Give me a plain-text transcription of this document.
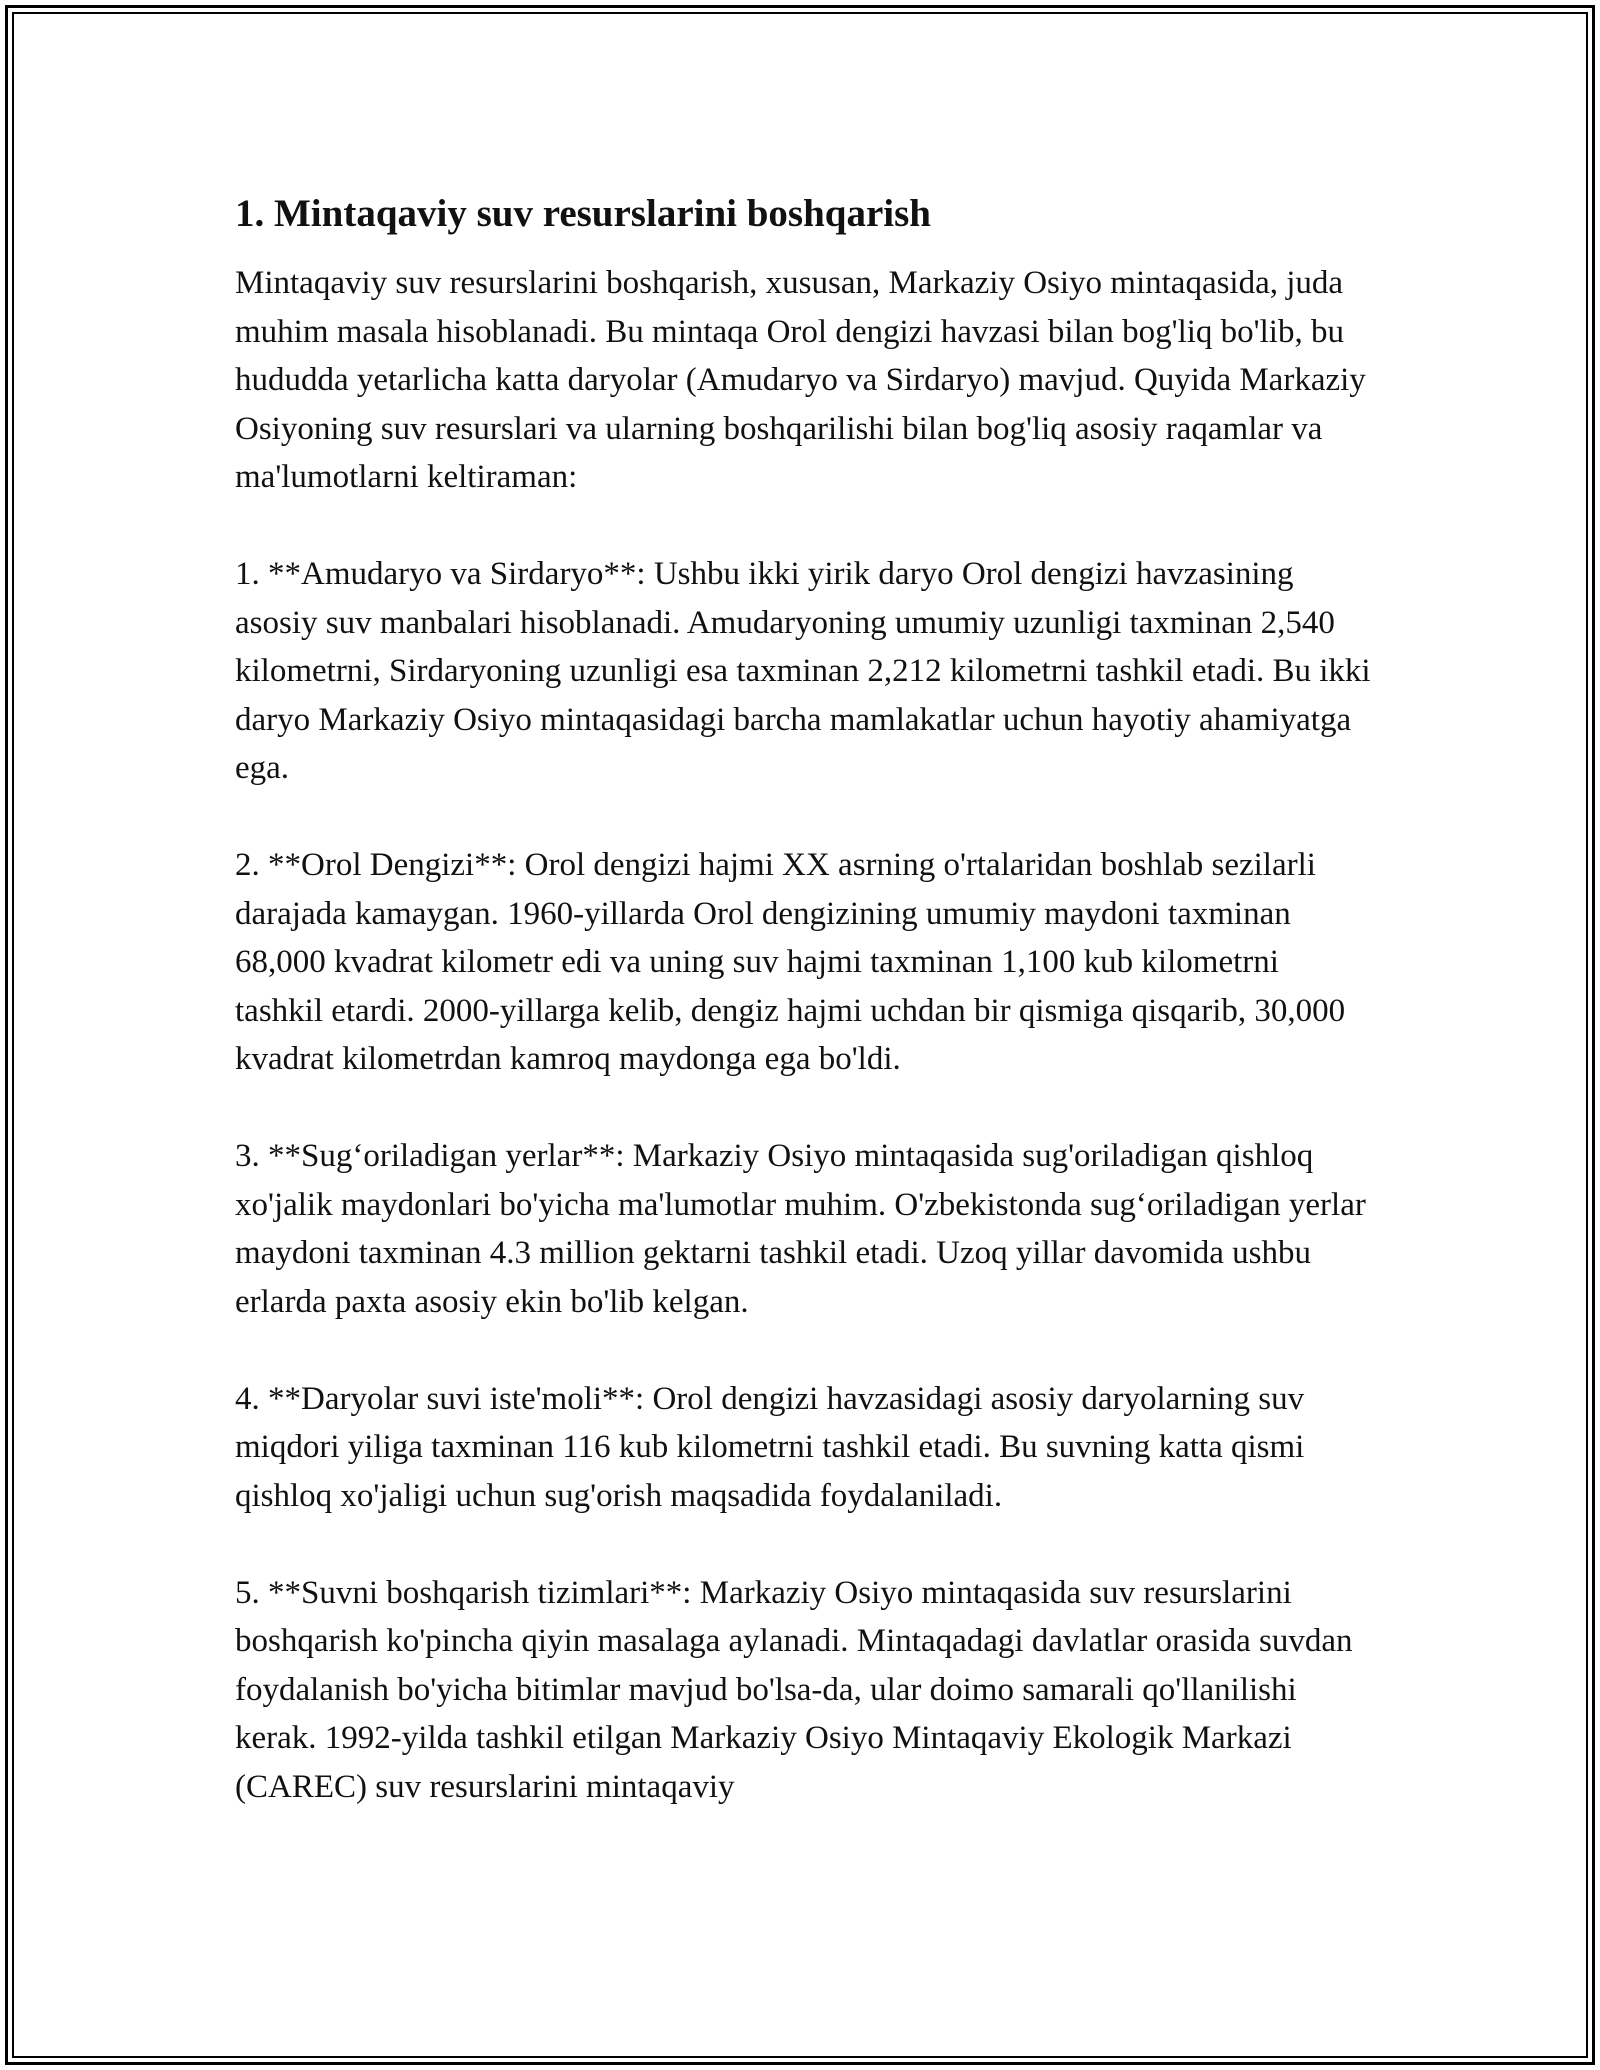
1. Mintaqaviy suv resurslarini boshqarish

Mintaqaviy suv resurslarini boshqarish, xususan, Markaziy Osiyo mintaqasida, juda muhim masala hisoblanadi. Bu mintaqa Orol dengizi havzasi bilan bog'liq bo'lib, bu hududda yetarlicha katta daryolar (Amudaryo va Sirdaryo) mavjud. Quyida Markaziy Osiyoning suv resurslari va ularning boshqarilishi bilan bog'liq asosiy raqamlar va ma'lumotlarni keltiraman:

1. **Amudaryo va Sirdaryo**: Ushbu ikki yirik daryo Orol dengizi havzasining asosiy suv manbalari hisoblanadi. Amudaryoning umumiy uzunligi taxminan 2,540 kilometrni, Sirdaryoning uzunligi esa taxminan 2,212 kilometrni tashkil etadi. Bu ikki daryo Markaziy Osiyo mintaqasidagi barcha mamlakatlar uchun hayotiy ahamiyatga ega.

2. **Orol Dengizi**: Orol dengizi hajmi XX asrning o'rtalaridan boshlab sezilarli darajada kamaygan. 1960-yillarda Orol dengizining umumiy maydoni taxminan 68,000 kvadrat kilometr edi va uning suv hajmi taxminan 1,100 kub kilometrni tashkil etardi. 2000-yillarga kelib, dengiz hajmi uchdan bir qismiga qisqarib, 30,000 kvadrat kilometrdan kamroq maydonga ega bo'ldi.

3. **Sug‘oriladigan yerlar**: Markaziy Osiyo mintaqasida sug'oriladigan qishloq xo'jalik maydonlari bo'yicha ma'lumotlar muhim. O'zbekistonda sug‘oriladigan yerlar maydoni taxminan 4.3 million gektarni tashkil etadi. Uzoq yillar davomida ushbu erlarda paxta asosiy ekin bo'lib kelgan.

4. **Daryolar suvi iste'moli**: Orol dengizi havzasidagi asosiy daryolarning suv miqdori yiliga taxminan 116 kub kilometrni tashkil etadi. Bu suvning katta qismi qishloq xo'jaligi uchun sug'orish maqsadida foydalaniladi.

5. **Suvni boshqarish tizimlari**: Markaziy Osiyo mintaqasida suv resurslarini boshqarish ko'pincha qiyin masalaga aylanadi. Mintaqadagi davlatlar orasida suvdan foydalanish bo'yicha bitimlar mavjud bo'lsa-da, ular doimo samarali qo'llanilishi kerak. 1992-yilda tashkil etilgan Markaziy Osiyo Mintaqaviy Ekologik Markazi (CAREC) suv resurslarini mintaqaviy
